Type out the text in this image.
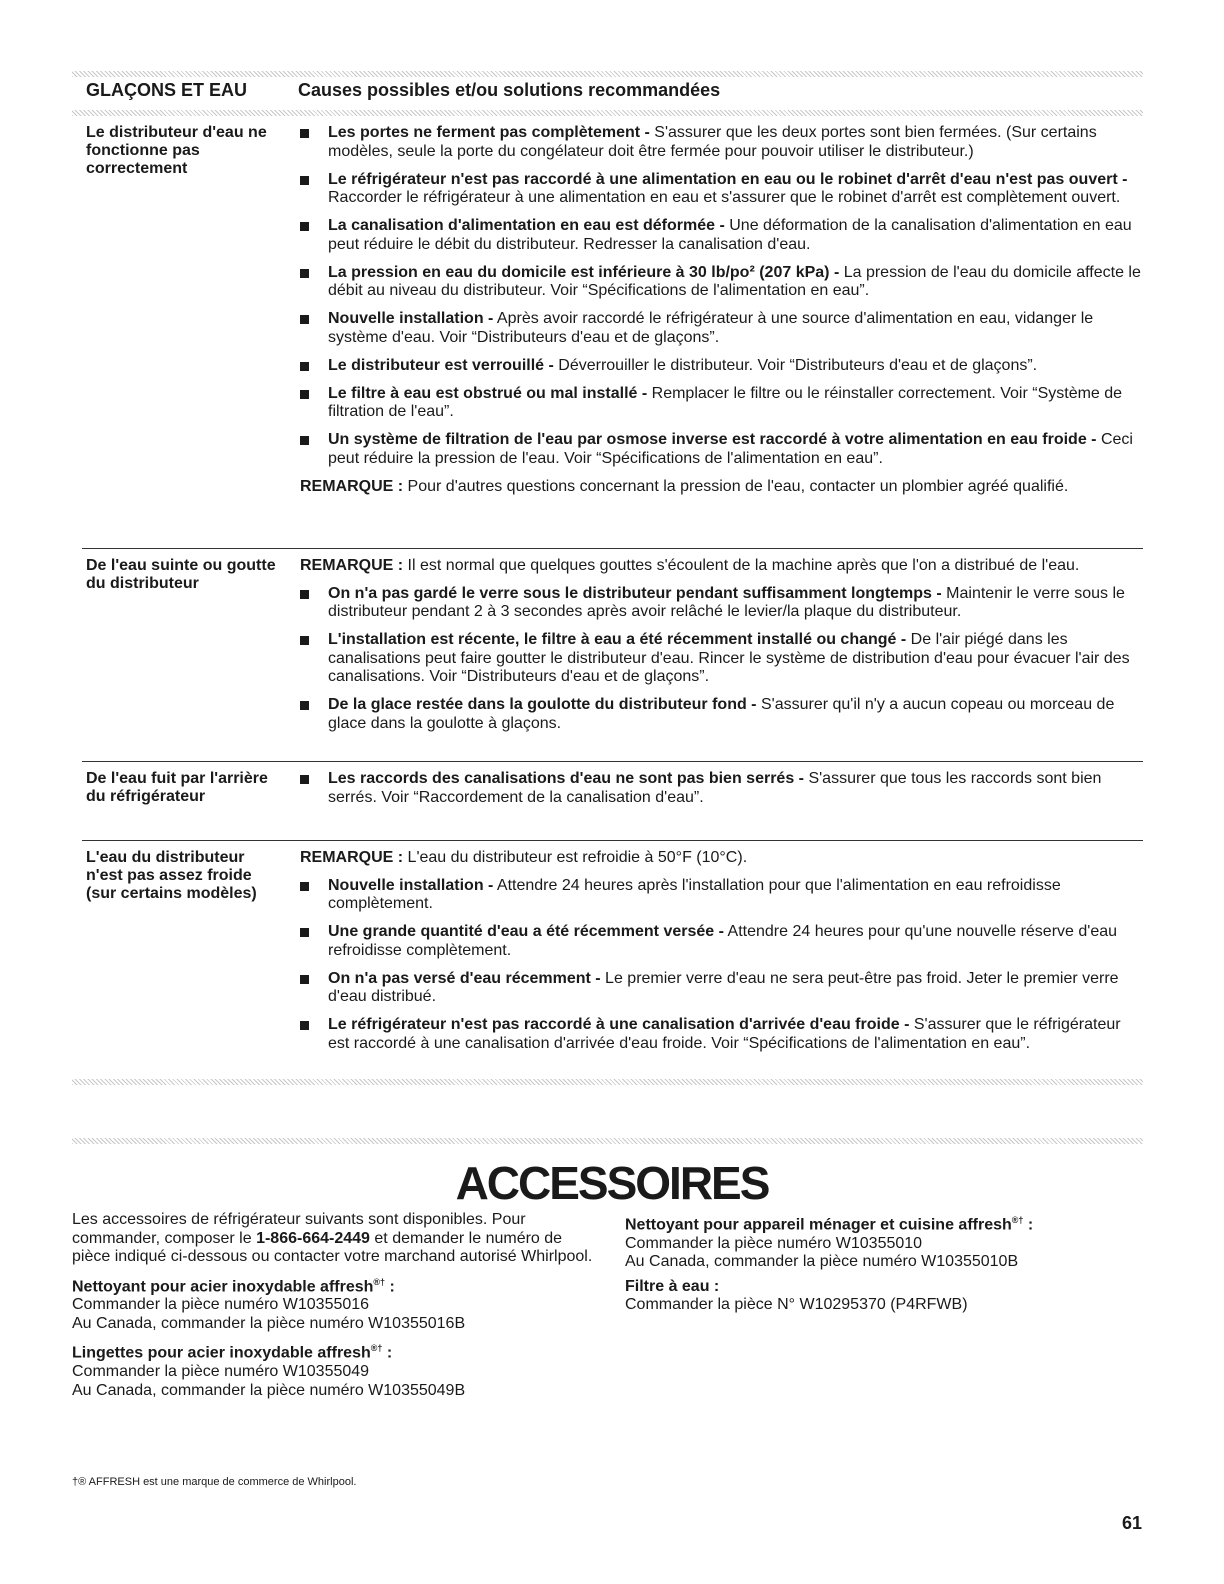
GLAÇONS ET EAU	Causes possibles et/ou solutions recommandées
Le distributeur d'eau ne fonctionne pas correctement
Les portes ne ferment pas complètement - S'assurer que les deux portes sont bien fermées. (Sur certains modèles, seule la porte du congélateur doit être fermée pour pouvoir utiliser le distributeur.)
Le réfrigérateur n'est pas raccordé à une alimentation en eau ou le robinet d'arrêt d'eau n'est pas ouvert - Raccorder le réfrigérateur à une alimentation en eau et s'assurer que le robinet d'arrêt est complètement ouvert.
La canalisation d'alimentation en eau est déformée - Une déformation de la canalisation d'alimentation en eau peut réduire le débit du distributeur. Redresser la canalisation d'eau.
La pression en eau du domicile est inférieure à 30 lb/po² (207 kPa) - La pression de l'eau du domicile affecte le débit au niveau du distributeur. Voir “Spécifications de l'alimentation en eau”.
Nouvelle installation - Après avoir raccordé le réfrigérateur à une source d'alimentation en eau, vidanger le système d'eau. Voir “Distributeurs d'eau et de glaçons”.
Le distributeur est verrouillé - Déverrouiller le distributeur. Voir “Distributeurs d'eau et de glaçons”.
Le filtre à eau est obstrué ou mal installé - Remplacer le filtre ou le réinstaller correctement. Voir “Système de filtration de l'eau”.
Un système de filtration de l'eau par osmose inverse est raccordé à votre alimentation en eau froide - Ceci peut réduire la pression de l'eau. Voir “Spécifications de l'alimentation en eau”.
REMARQUE : Pour d'autres questions concernant la pression de l'eau, contacter un plombier agréé qualifié.
De l'eau suinte ou goutte du distributeur
REMARQUE : Il est normal que quelques gouttes s'écoulent de la machine après que l'on a distribué de l'eau.
On n'a pas gardé le verre sous le distributeur pendant suffisamment longtemps - Maintenir le verre sous le distributeur pendant 2 à 3 secondes après avoir relâché le levier/la plaque du distributeur.
L'installation est récente, le filtre à eau a été récemment installé ou changé - De l'air piégé dans les canalisations peut faire goutter le distributeur d'eau. Rincer le système de distribution d'eau pour évacuer l'air des canalisations. Voir “Distributeurs d'eau et de glaçons”.
De la glace restée dans la goulotte du distributeur fond - S'assurer qu'il n'y a aucun copeau ou morceau de glace dans la goulotte à glaçons.
De l'eau fuit par l'arrière du réfrigérateur
Les raccords des canalisations d'eau ne sont pas bien serrés - S'assurer que tous les raccords sont bien serrés. Voir “Raccordement de la canalisation d'eau”.
L'eau du distributeur n'est pas assez froide (sur certains modèles)
REMARQUE : L'eau du distributeur est refroidie à 50°F (10°C).
Nouvelle installation - Attendre 24 heures après l'installation pour que l'alimentation en eau refroidisse complètement.
Une grande quantité d'eau a été récemment versée - Attendre 24 heures pour qu'une nouvelle réserve d'eau refroidisse complètement.
On n'a pas versé d'eau récemment - Le premier verre d'eau ne sera peut-être pas froid. Jeter le premier verre d'eau distribué.
Le réfrigérateur n'est pas raccordé à une canalisation d'arrivée d'eau froide - S'assurer que le réfrigérateur est raccordé à une canalisation d'arrivée d'eau froide. Voir “Spécifications de l'alimentation en eau”.
ACCESSOIRES
Les accessoires de réfrigérateur suivants sont disponibles. Pour commander, composer le 1-866-664-2449 et demander le numéro de pièce indiqué ci-dessous ou contacter votre marchand autorisé Whirlpool.
Nettoyant pour acier inoxydable affresh®† :
Commander la pièce numéro W10355016
Au Canada, commander la pièce numéro W10355016B
Lingettes pour acier inoxydable affresh®† :
Commander la pièce numéro W10355049
Au Canada, commander la pièce numéro W10355049B
Nettoyant pour appareil ménager et cuisine affresh®† :
Commander la pièce numéro W10355010
Au Canada, commander la pièce numéro W10355010B
Filtre à eau :
Commander la pièce N° W10295370 (P4RFWB)
†® AFFRESH est une marque de commerce de Whirlpool.
61
